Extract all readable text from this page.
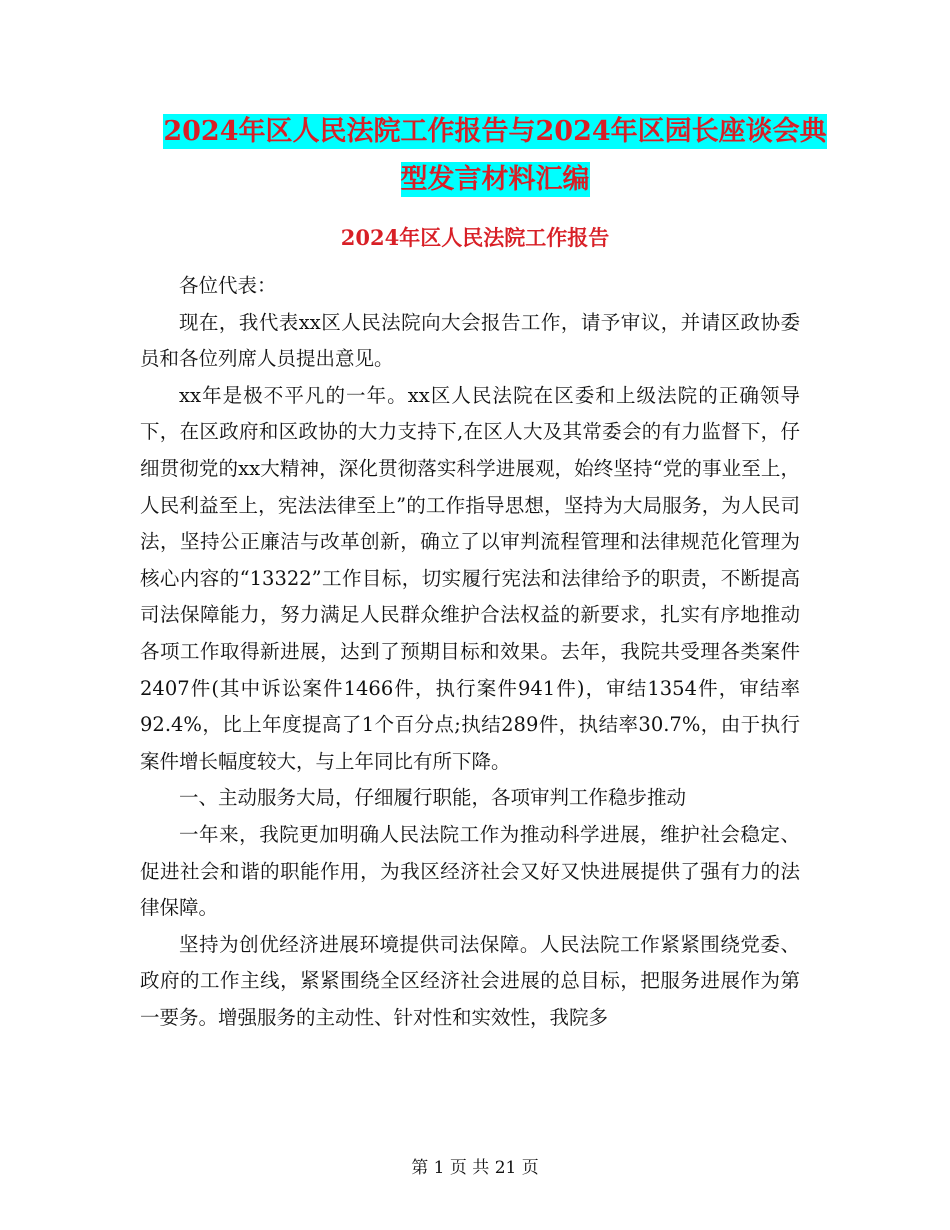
2024年区人民法院工作报告与2024年区园长座谈会典
型发言材料汇编
2024年区人民法院工作报告

各位代表：

现在，我代表xx区人民法院向大会报告工作，请予审议，并请区政协委员和各位列席人员提出意见。

xx年是极不平凡的一年。xx区人民法院在区委和上级法院的正确领导下，在区政府和区政协的大力支持下,在区人大及其常委会的有力监督下，仔细贯彻党的xx大精神，深化贯彻落实科学进展观，始终坚持“党的事业至上，人民利益至上，宪法法律至上”的工作指导思想，坚持为大局服务，为人民司法，坚持公正廉洁与改革创新，确立了以审判流程管理和法律规范化管理为核心内容的“13322”工作目标，切实履行宪法和法律给予的职责，不断提高司法保障能力，努力满足人民群众维护合法权益的新要求，扎实有序地推动各项工作取得新进展，达到了预期目标和效果。去年，我院共受理各类案件2407件(其中诉讼案件1466件，执行案件941件)，审结1354件，审结率92.4%，比上年度提高了1个百分点;执结289件，执结率30.7%，由于执行案件增长幅度较大，与上年同比有所下降。

一、主动服务大局，仔细履行职能，各项审判工作稳步推动

一年来，我院更加明确人民法院工作为推动科学进展，维护社会稳定、促进社会和谐的职能作用，为我区经济社会又好又快进展提供了强有力的法律保障。

坚持为创优经济进展环境提供司法保障。人民法院工作紧紧围绕党委、政府的工作主线，紧紧围绕全区经济社会进展的总目标，把服务进展作为第一要务。增强服务的主动性、针对性和实效性，我院多

第 1 页 共 21 页
